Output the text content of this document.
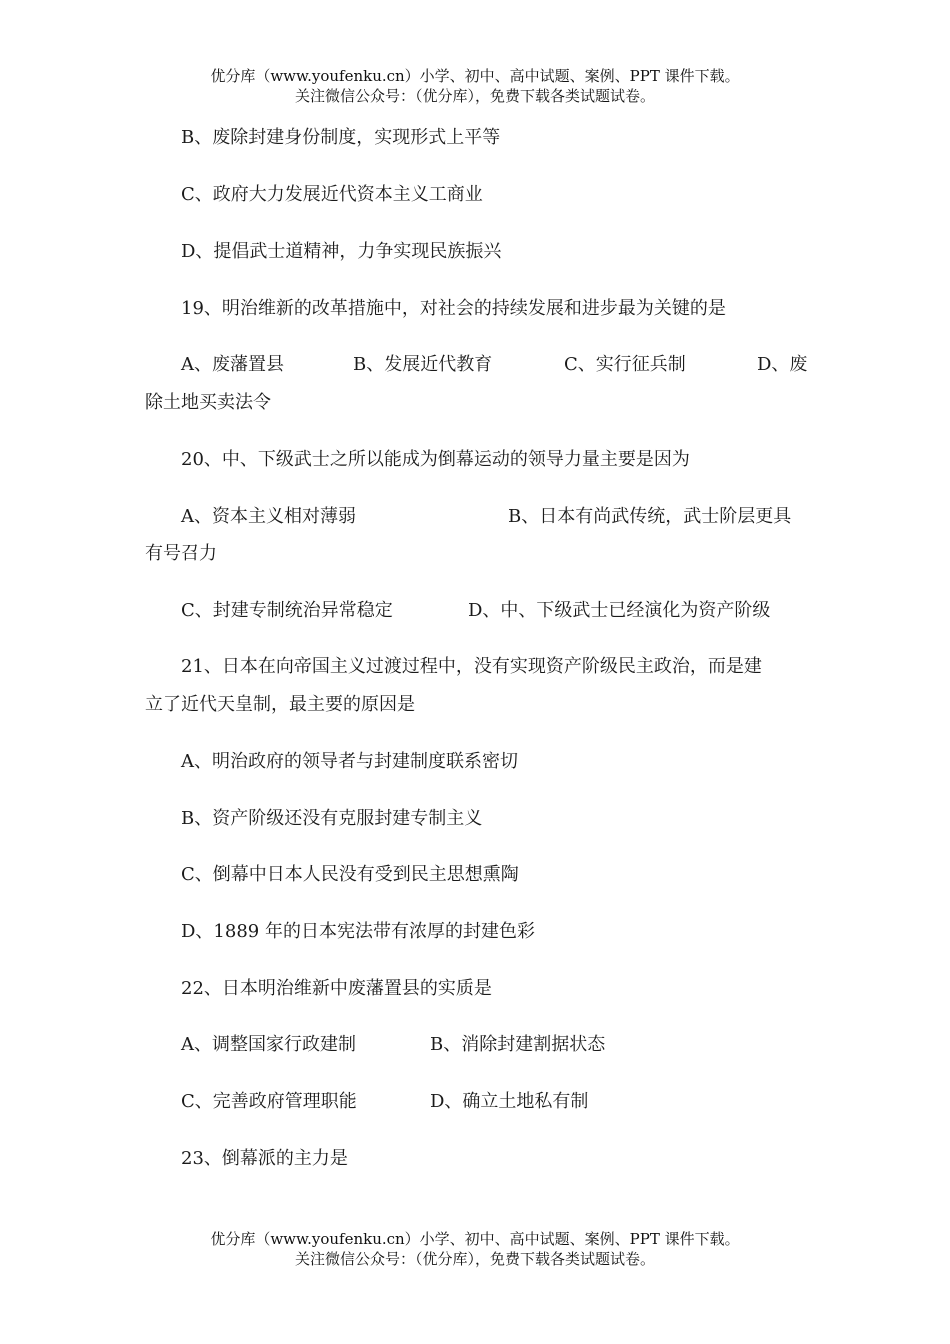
优分库（www.youfenku.cn）小学、初中、高中试题、案例、PPT 课件下载。
关注微信公众号：（优分库），免费下载各类试题试卷。
B、废除封建身份制度，实现形式上平等
C、政府大力发展近代资本主义工商业
D、提倡武士道精神，力争实现民族振兴
19、明治维新的改革措施中，对社会的持续发展和进步最为关键的是
A、废藩置县	B、发展近代教育	C、实行征兵制	D、废
除土地买卖法令
20、中、下级武士之所以能成为倒幕运动的领导力量主要是因为
A、资本主义相对薄弱	B、日本有尚武传统，武士阶层更具
有号召力
C、封建专制统治异常稳定	D、中、下级武士已经演化为资产阶级
21、日本在向帝国主义过渡过程中，没有实现资产阶级民主政治，而是建
立了近代天皇制，最主要的原因是
A、明治政府的领导者与封建制度联系密切
B、资产阶级还没有克服封建专制主义
C、倒幕中日本人民没有受到民主思想熏陶
D、1889 年的日本宪法带有浓厚的封建色彩
22、日本明治维新中废藩置县的实质是
A、调整国家行政建制	B、消除封建割据状态
C、完善政府管理职能	D、确立土地私有制
23、倒幕派的主力是
优分库（www.youfenku.cn）小学、初中、高中试题、案例、PPT 课件下载。
关注微信公众号：（优分库），免费下载各类试题试卷。
